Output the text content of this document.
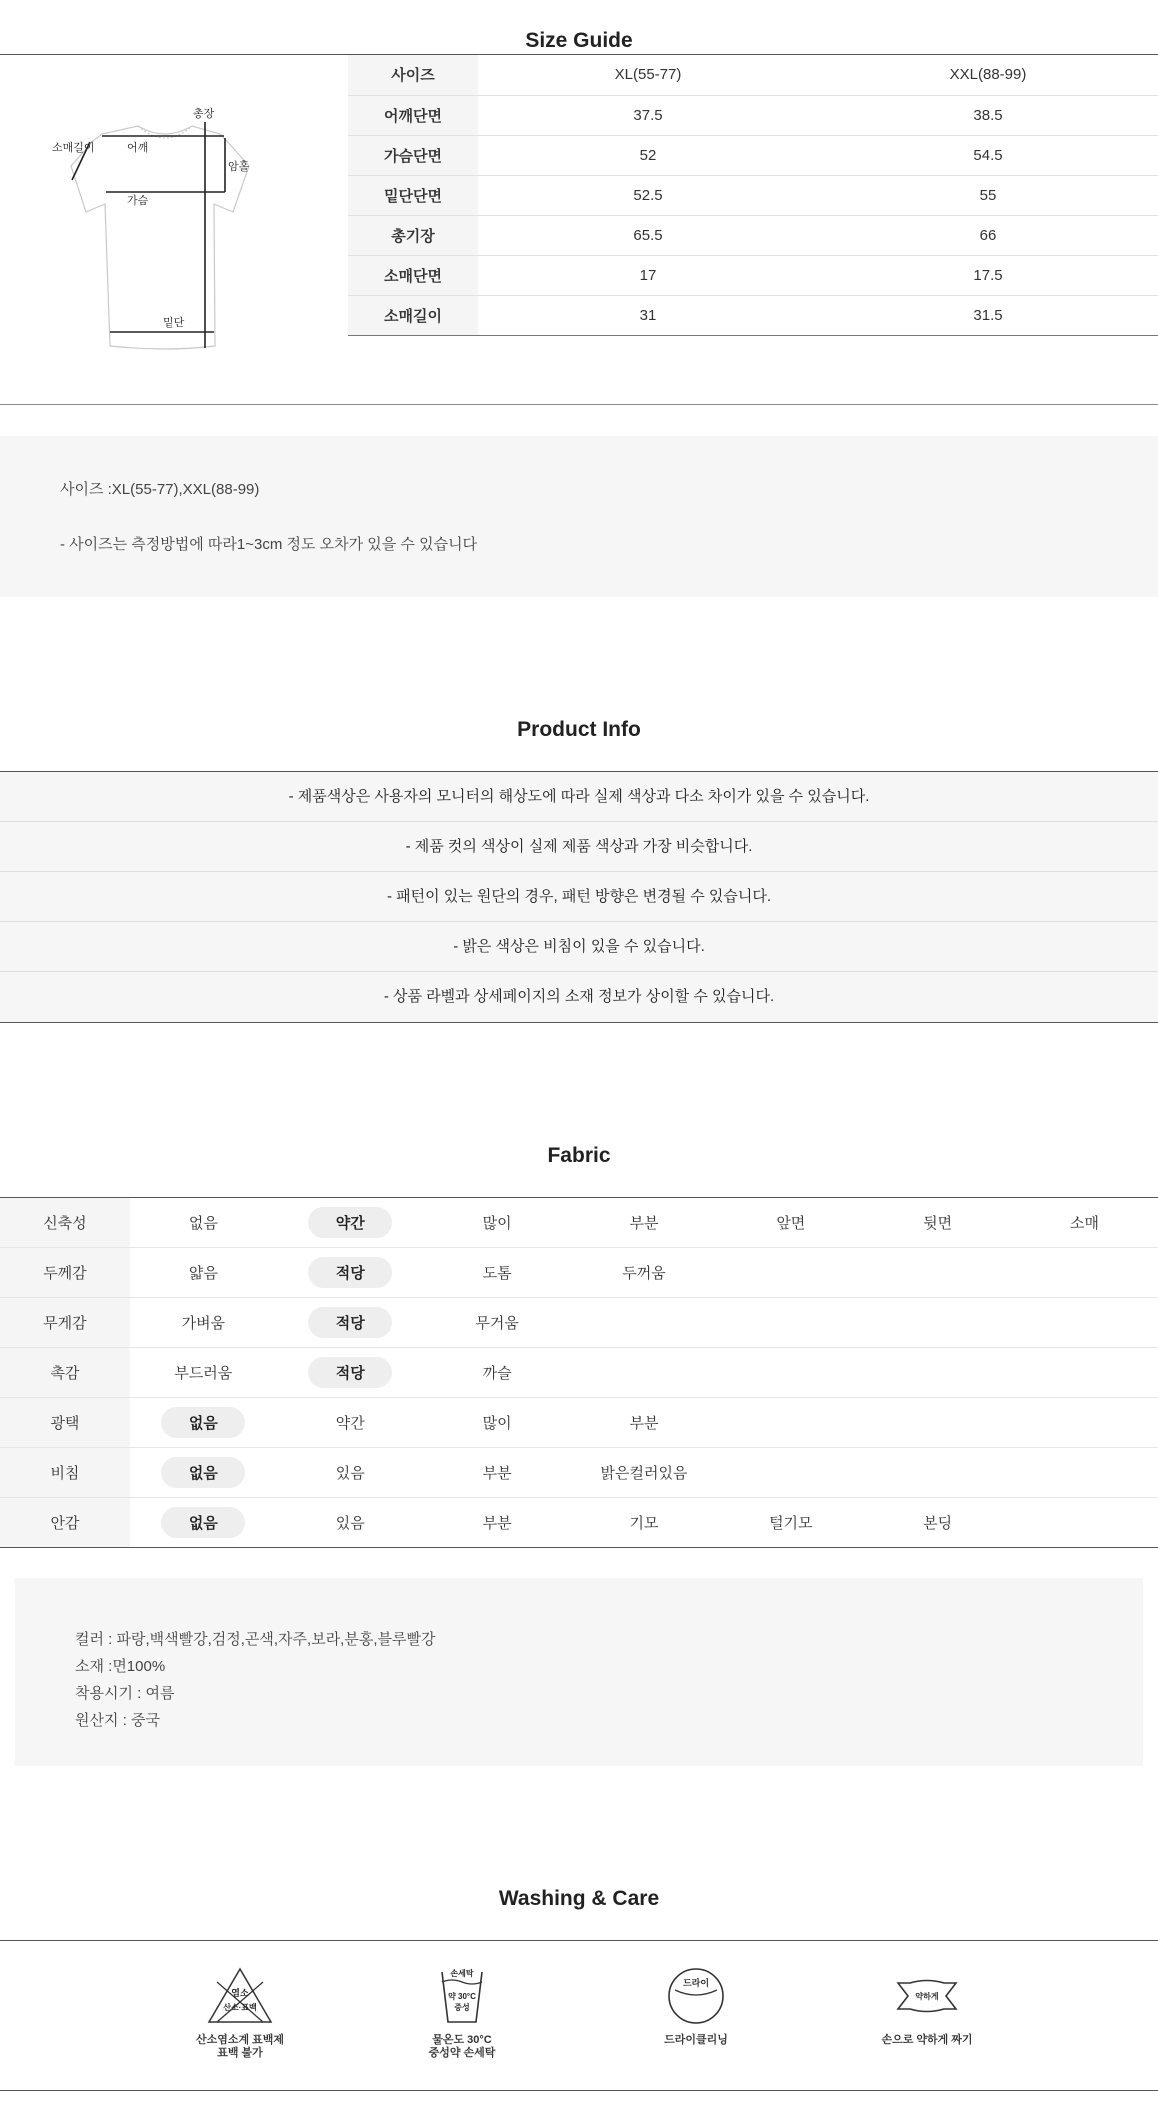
Size Guide
총장
소매길이	어깨
암홀
가슴
밑단
사이즈	XL(55-77)	XXL(88-99)
어깨단면	37.5	38.5
가슴단면	52	54.5
밑단단면	52.5	55
총기장	65.5	66
소매단면	17	17.5
소매길이	31	31.5
사이즈 :XL(55-77),XXL(88-99)
- 사이즈는 측정방법에 따라1~3cm 정도 오차가 있을 수 있습니다
Product Info
- 제품색상은 사용자의 모니터의 해상도에 따라 실제 색상과 다소 차이가 있을 수 있습니다.
- 제품 컷의 색상이 실제 제품 색상과 가장 비슷합니다.
- 패턴이 있는 원단의 경우, 패턴 방향은 변경될 수 있습니다.
- 밝은 색상은 비침이 있을 수 있습니다.
- 상품 라벨과 상세페이지의 소재 정보가 상이할 수 있습니다.
Fabric
신축성	없음	약간	많이	부분	앞면	뒷면	소매
두께감	얇음	적당	도톰	두꺼움			
무게감	가벼움	적당	무거움				
촉감	부드러움	적당	까슬				
광택	없음	약간	많이	부분			
비침	없음	있음	부분	밝은컬러있음			
안감	없음	있음	부분	기모	털기모	본딩	
컬러 : 파랑,백색빨강,검정,곤색,자주,보라,분홍,블루빨강
소재 :면100%
착용시기 : 여름
원산지 : 중국
Washing & Care
염소
산소·표백
산소염소계 표백제
표백 불가
손세탁
약 30°C
중성
물온도 30°C
중성약 손세탁
드라이
드라이클리닝
약하게
손으로 약하게 짜기
